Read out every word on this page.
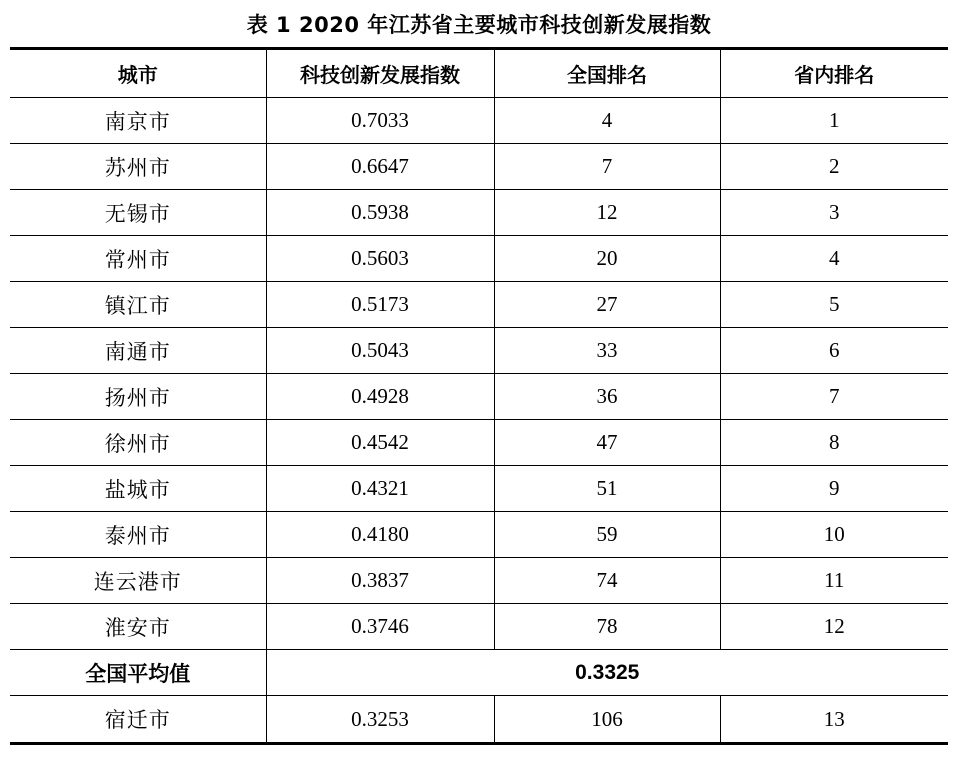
表 1 2020 年江苏省主要城市科技创新发展指数
城市	科技创新发展指数	全国排名	省内排名
南京市	0.7033	4	1
苏州市	0.6647	7	2
无锡市	0.5938	12	3
常州市	0.5603	20	4
镇江市	0.5173	27	5
南通市	0.5043	33	6
扬州市	0.4928	36	7
徐州市	0.4542	47	8
盐城市	0.4321	51	9
泰州市	0.4180	59	10
连云港市	0.3837	74	11
淮安市	0.3746	78	12
全国平均值	0.3325		
宿迁市	0.3253	106	13
